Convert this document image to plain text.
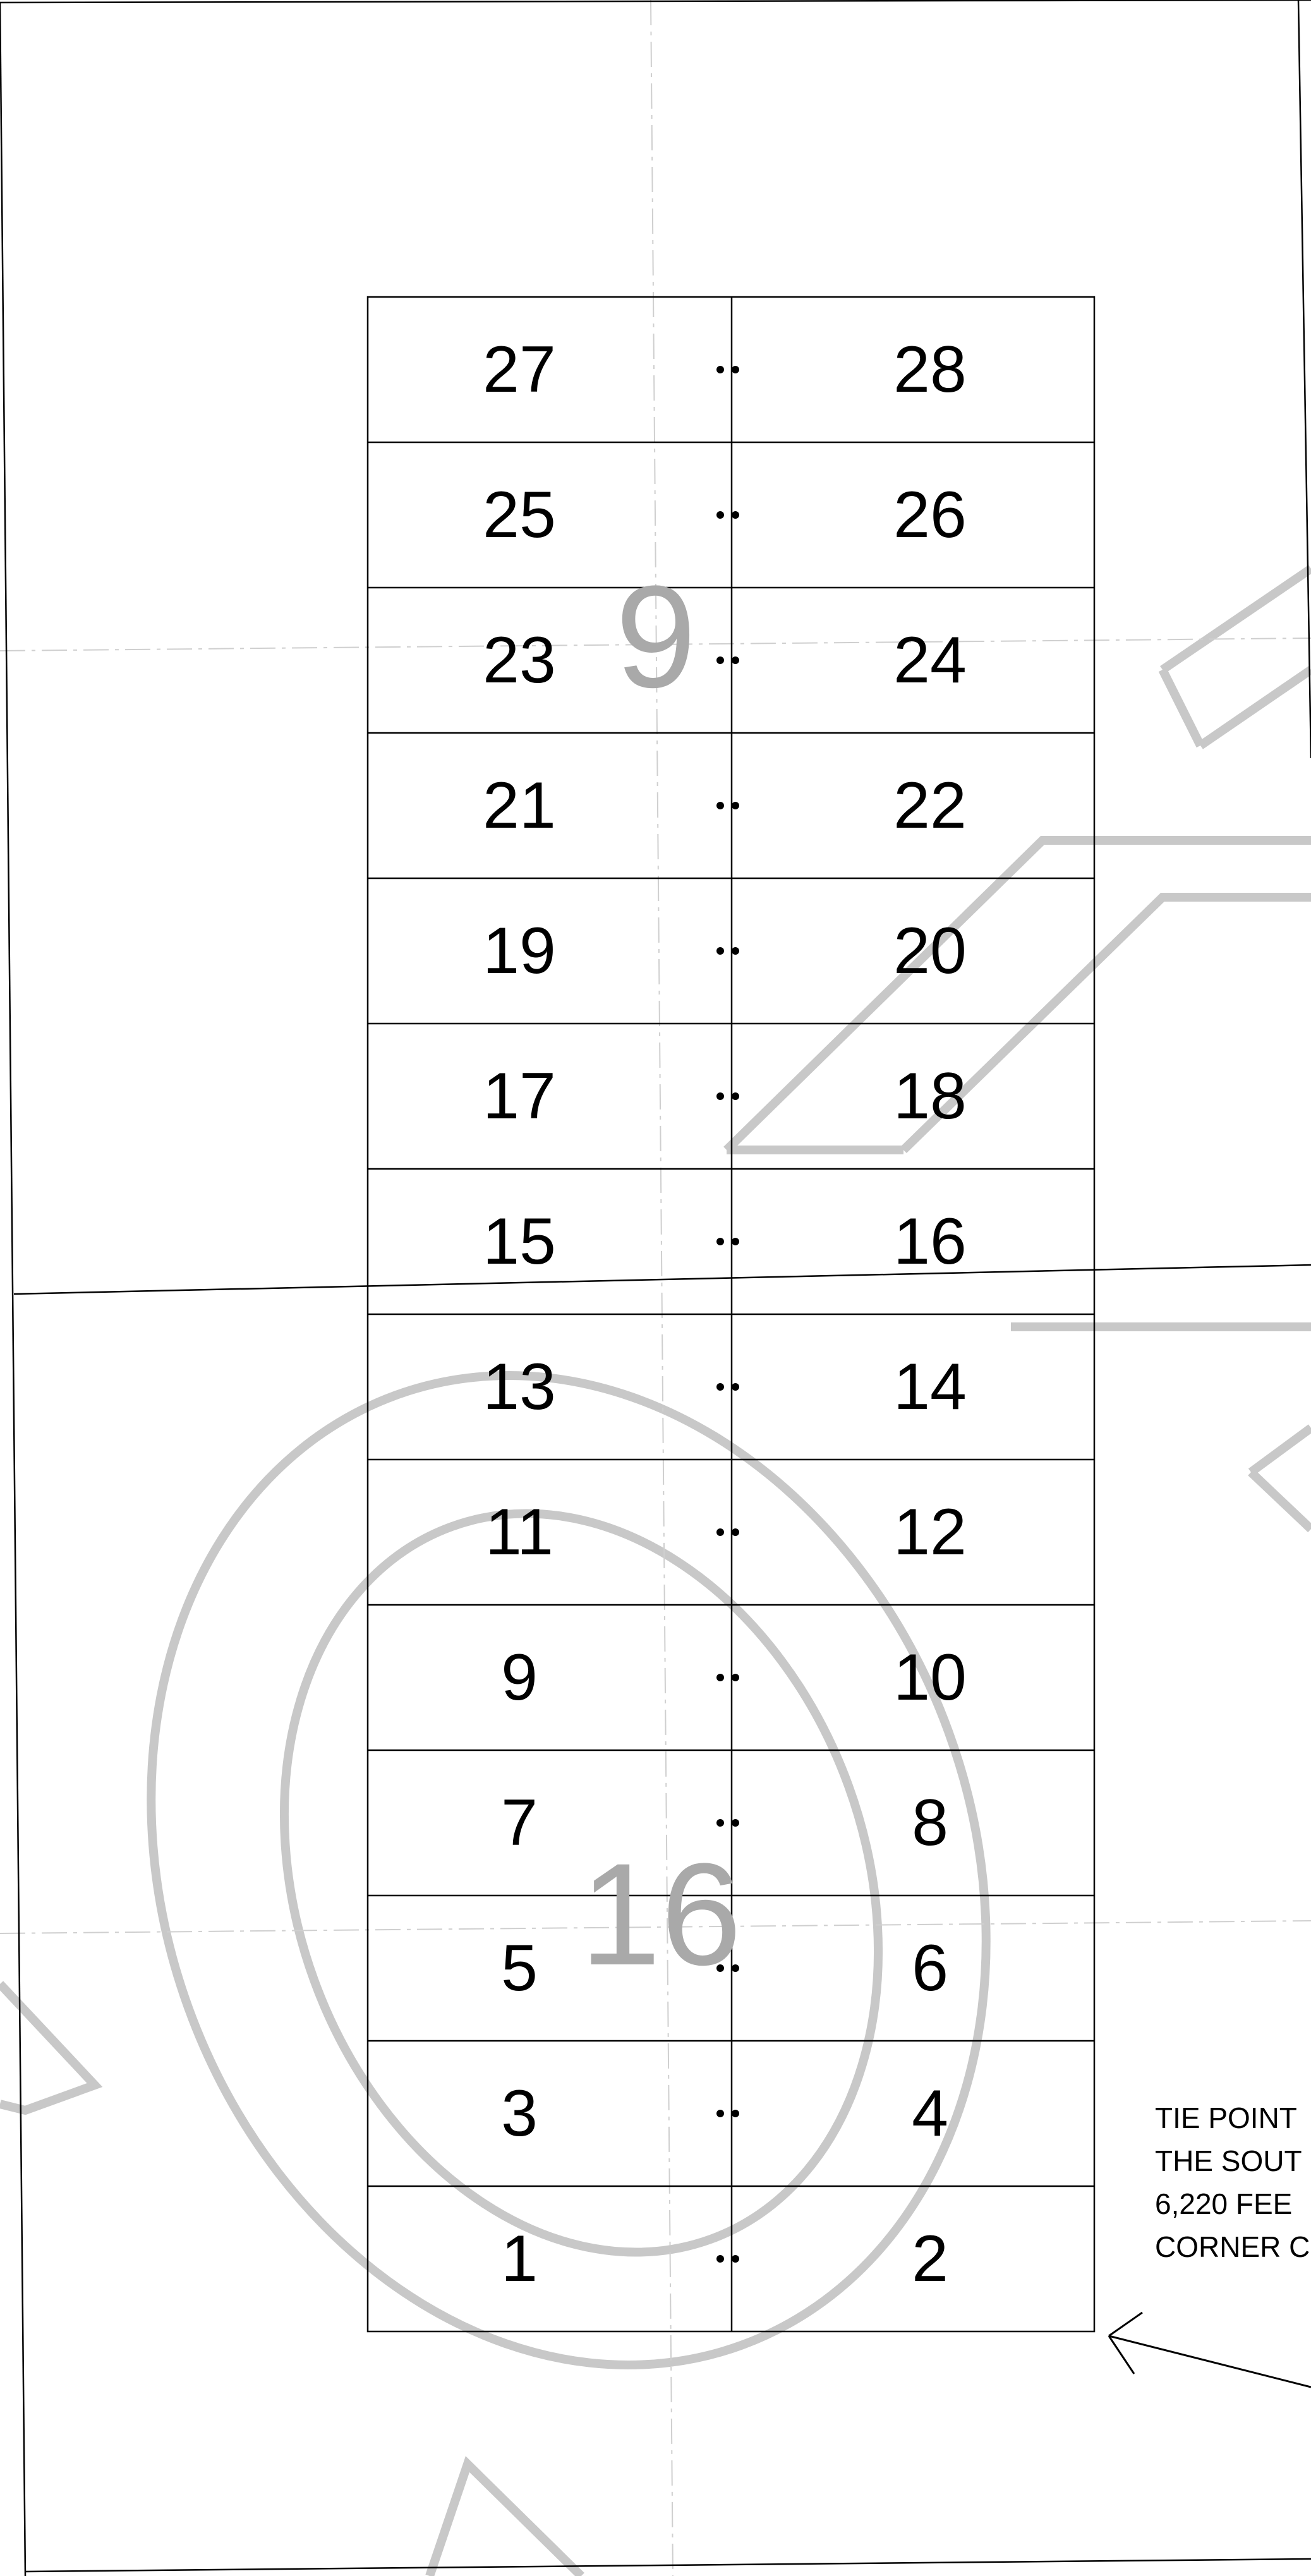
27	28
25	26
23	24
21	22
19	20
17	18
15	16
13	14
11	12
9	10
7	8
5	6
3	4
1	2
9
16
TIE POINT
THE SOUT
6,220 FEE
CORNER C
